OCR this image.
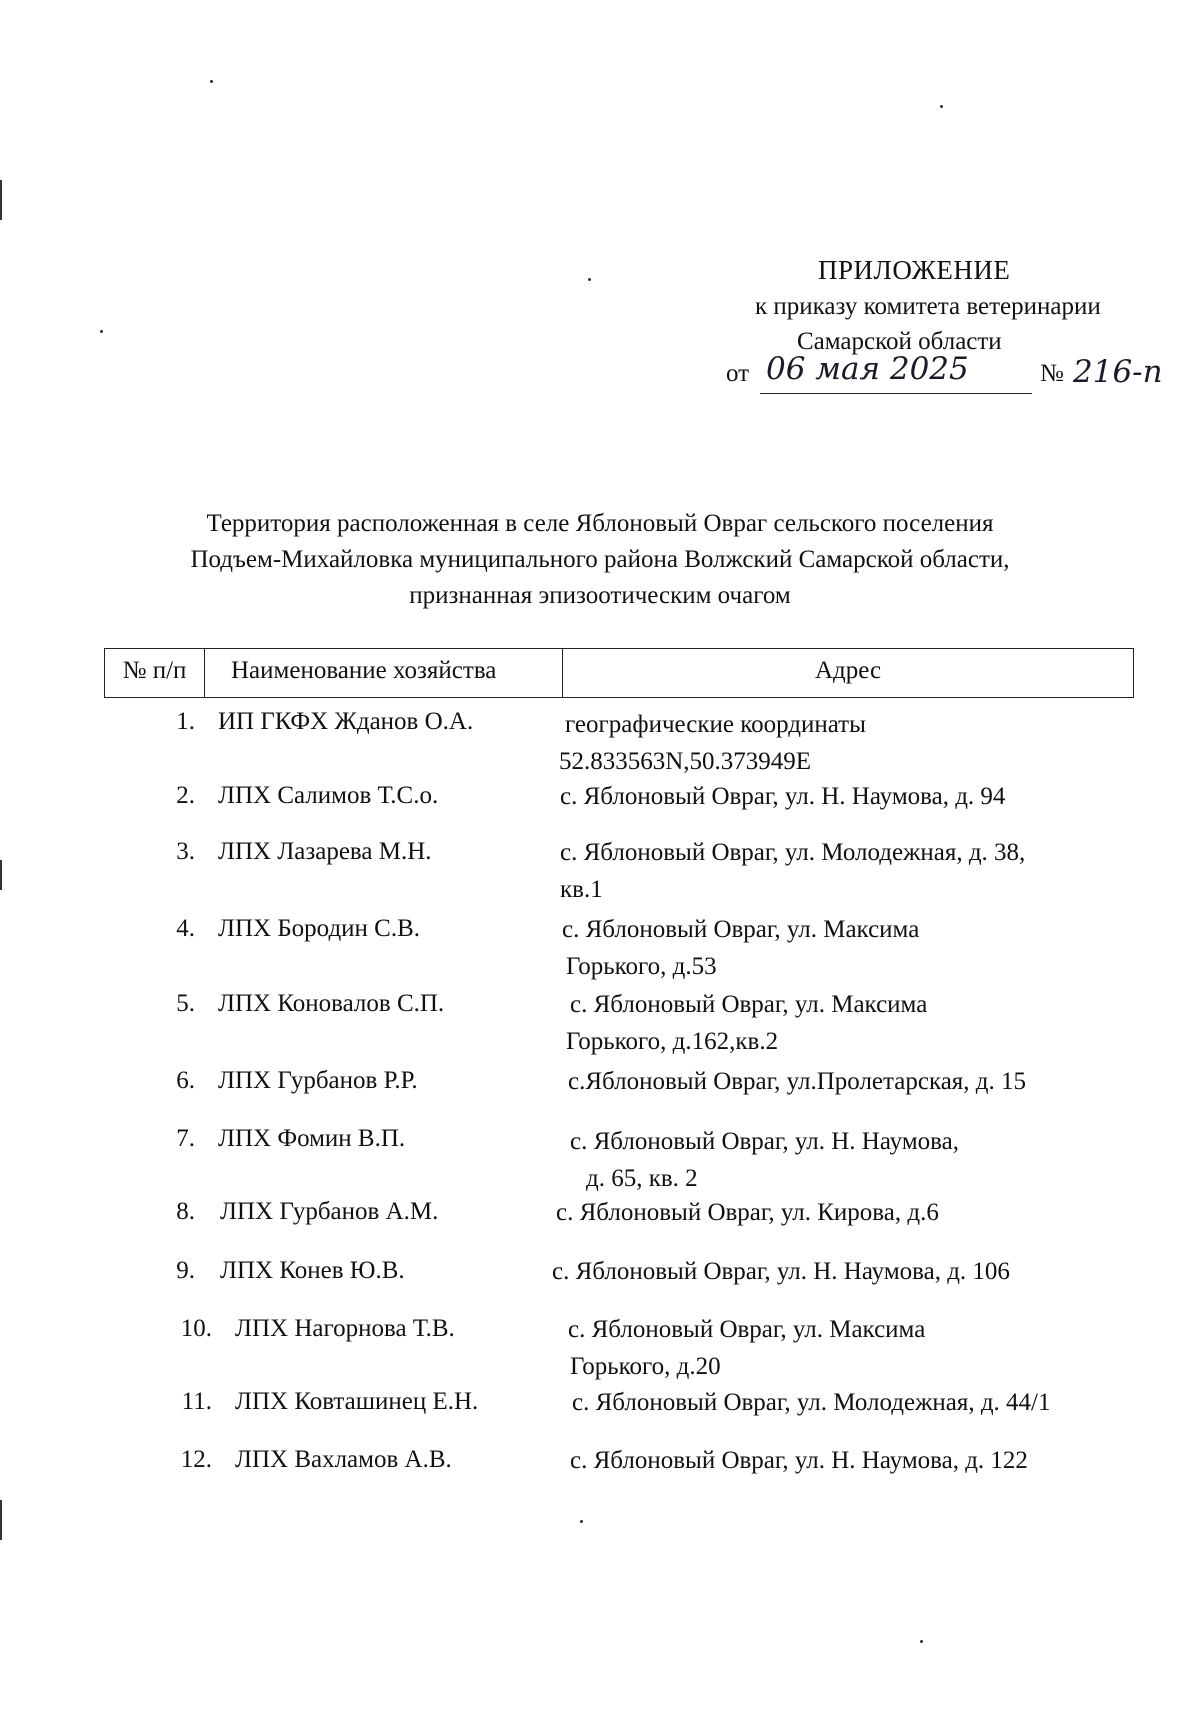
ПРИЛОЖЕНИЕ
к приказу комитета ветеринарии
Самарской области
от 06 мая 2025	№ 216-п
Территория расположенная в селе Яблоновый Овраг сельского поселения
Подъем-Михайловка муниципального района Волжский Самарской области,
признанная эпизоотическим очагом
№ п/п	Наименование хозяйства	Адрес
1. ИП ГКФХ Жданов О.А.	географические координаты
52.833563N,50.373949E
2. ЛПХ Салимов Т.С.о.	с. Яблоновый Овраг, ул. Н. Наумова, д. 94
3. ЛПХ Лазарева М.Н.	с. Яблоновый Овраг, ул. Молодежная, д. 38,
кв.1
4. ЛПХ Бородин С.В.	с. Яблоновый Овраг, ул. Максима
Горького, д.53
5. ЛПХ Коновалов С.П.	с. Яблоновый Овраг, ул. Максима
Горького, д.162,кв.2
6. ЛПХ Гурбанов Р.Р.	с.Яблоновый Овраг, ул.Пролетарская, д. 15
7. ЛПХ Фомин В.П.	с. Яблоновый Овраг, ул. Н. Наумова,
д. 65, кв. 2
8. ЛПХ Гурбанов А.М.	с. Яблоновый Овраг, ул. Кирова, д.6
9. ЛПХ Конев Ю.В.	с. Яблоновый Овраг, ул. Н. Наумова, д. 106
10. ЛПХ Нагорнова Т.В.	с. Яблоновый Овраг, ул. Максима
Горького, д.20
11. ЛПХ Ковташинец Е.Н.	с. Яблоновый Овраг, ул. Молодежная, д. 44/1
12. ЛПХ Вахламов А.В.	с. Яблоновый Овраг, ул. Н. Наумова, д. 122
